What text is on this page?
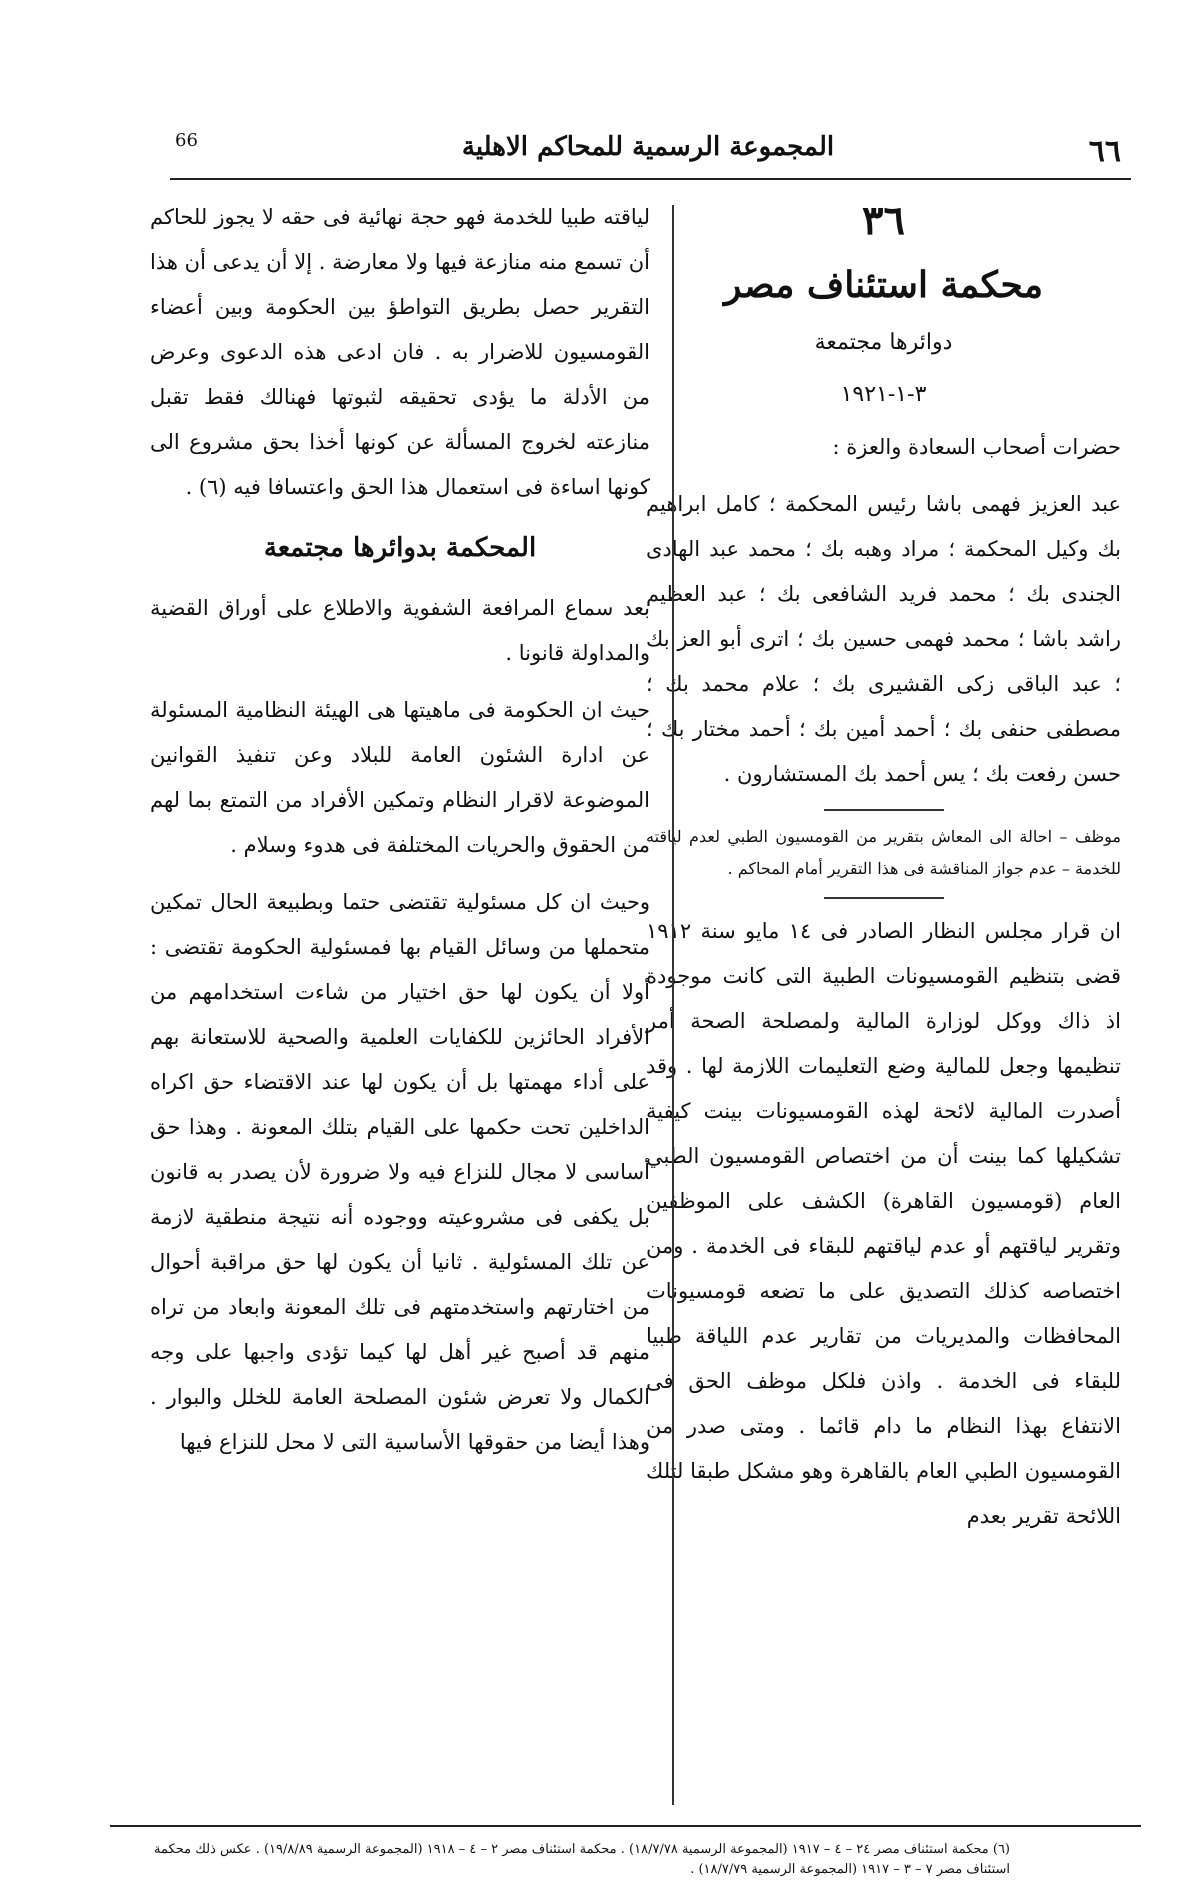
٦٦
المجموعة الرسمية للمحاكم الاهلية
66

٣٦

محكمة استئناف مصر

دوائرها مجتمعة

٣-١-١٩٢١

حضرات أصحاب السعادة والعزة :

عبد العزيز فهمى باشا رئيس المحكمة ؛ كامل ابراهيم بك وكيل المحكمة ؛ مراد وهبه بك ؛ محمد عبد الهادى الجندى بك ؛ محمد فريد الشافعى بك ؛ عبد العظيم راشد باشا ؛ محمد فهمى حسين بك ؛ اترى أبو العز بك ؛ عبد الباقى زكى القشيرى بك ؛ علام محمد بك ؛ مصطفى حنفى بك ؛ أحمد أمين بك ؛ أحمد مختار بك ؛ حسن رفعت بك ؛ يس أحمد بك المستشارون .

موظف – احالة الى المعاش بتقرير من القومسيون الطبي لعدم لياقته للخدمة – عدم جواز المناقشة فى هذا التقرير أمام المحاكم .

ان قرار مجلس النظار الصادر فى ١٤ مايو سنة ١٩١٢ قضى بتنظيم القومسيونات الطبية التى كانت موجودة اذ ذاك ووكل لوزارة المالية ولمصلحة الصحة أمر تنظيمها وجعل للمالية وضع التعليمات اللازمة لها . وقد أصدرت المالية لائحة لهذه القومسيونات بينت كيفية تشكيلها كما بينت أن من اختصاص القومسيون الطبي العام (قومسيون القاهرة) الكشف على الموظفين وتقرير لياقتهم أو عدم لياقتهم للبقاء فى الخدمة . ومن اختصاصه كذلك التصديق على ما تضعه قومسيونات المحافظات والمديريات من تقارير عدم اللياقة طبيا للبقاء فى الخدمة . واذن فلكل موظف الحق فى الانتفاع بهذا النظام ما دام قائما . ومتى صدر من القومسيون الطبي العام بالقاهرة وهو مشكل طبقا لتلك اللائحة تقرير بعدم

لياقته طبيا للخدمة فهو حجة نهائية فى حقه لا يجوز للحاكم أن تسمع منه منازعة فيها ولا معارضة . إلا أن يدعى أن هذا التقرير حصل بطريق التواطؤ بين الحكومة وبين أعضاء القومسيون للاضرار به . فان ادعى هذه الدعوى وعرض من الأدلة ما يؤدى تحقيقه لثبوتها فهنالك فقط تقبل منازعته لخروج المسألة عن كونها أخذا بحق مشروع الى كونها اساءة فى استعمال هذا الحق واعتسافا فيه (٦) .

المحكمة بدوائرها مجتمعة

بعد سماع المرافعة الشفوية والاطلاع على أوراق القضية والمداولة قانونا .

حيث ان الحكومة فى ماهيتها هى الهيئة النظامية المسئولة عن ادارة الشئون العامة للبلاد وعن تنفيذ القوانين الموضوعة لاقرار النظام وتمكين الأفراد من التمتع بما لهم من الحقوق والحريات المختلفة فى هدوء وسلام .

وحيث ان كل مسئولية تقتضى حتما وبطبيعة الحال تمكين متحملها من وسائل القيام بها فمسئولية الحكومة تقتضى : أولا أن يكون لها حق اختيار من شاءت استخدامهم من الأفراد الحائزين للكفايات العلمية والصحية للاستعانة بهم على أداء مهمتها بل أن يكون لها عند الاقتضاء حق اكراه الداخلين تحت حكمها على القيام بتلك المعونة . وهذا حق أساسى لا مجال للنزاع فيه ولا ضرورة لأن يصدر به قانون بل يكفى فى مشروعيته ووجوده أنه نتيجة منطقية لازمة عن تلك المسئولية . ثانيا أن يكون لها حق مراقبة أحوال من اختارتهم واستخدمتهم فى تلك المعونة وابعاد من تراه منهم قد أصبح غير أهل لها كيما تؤدى واجبها على وجه الكمال ولا تعرض شئون المصلحة العامة للخلل والبوار . وهذا أيضا من حقوقها الأساسية التى لا محل للنزاع فيها

(٦) محكمة استئناف مصر ٢٤ – ٤ – ١٩١٧ (المجموعة الرسمية ١٨/٧/٧٨) . محكمة استئناف مصر ٢ – ٤ – ١٩١٨ (المجموعة الرسمية ١٩/٨/٨٩) . عكس ذلك محكمة استئناف مصر ٧ – ٣ – ١٩١٧ (المجموعة الرسمية ١٨/٧/٧٩) .
